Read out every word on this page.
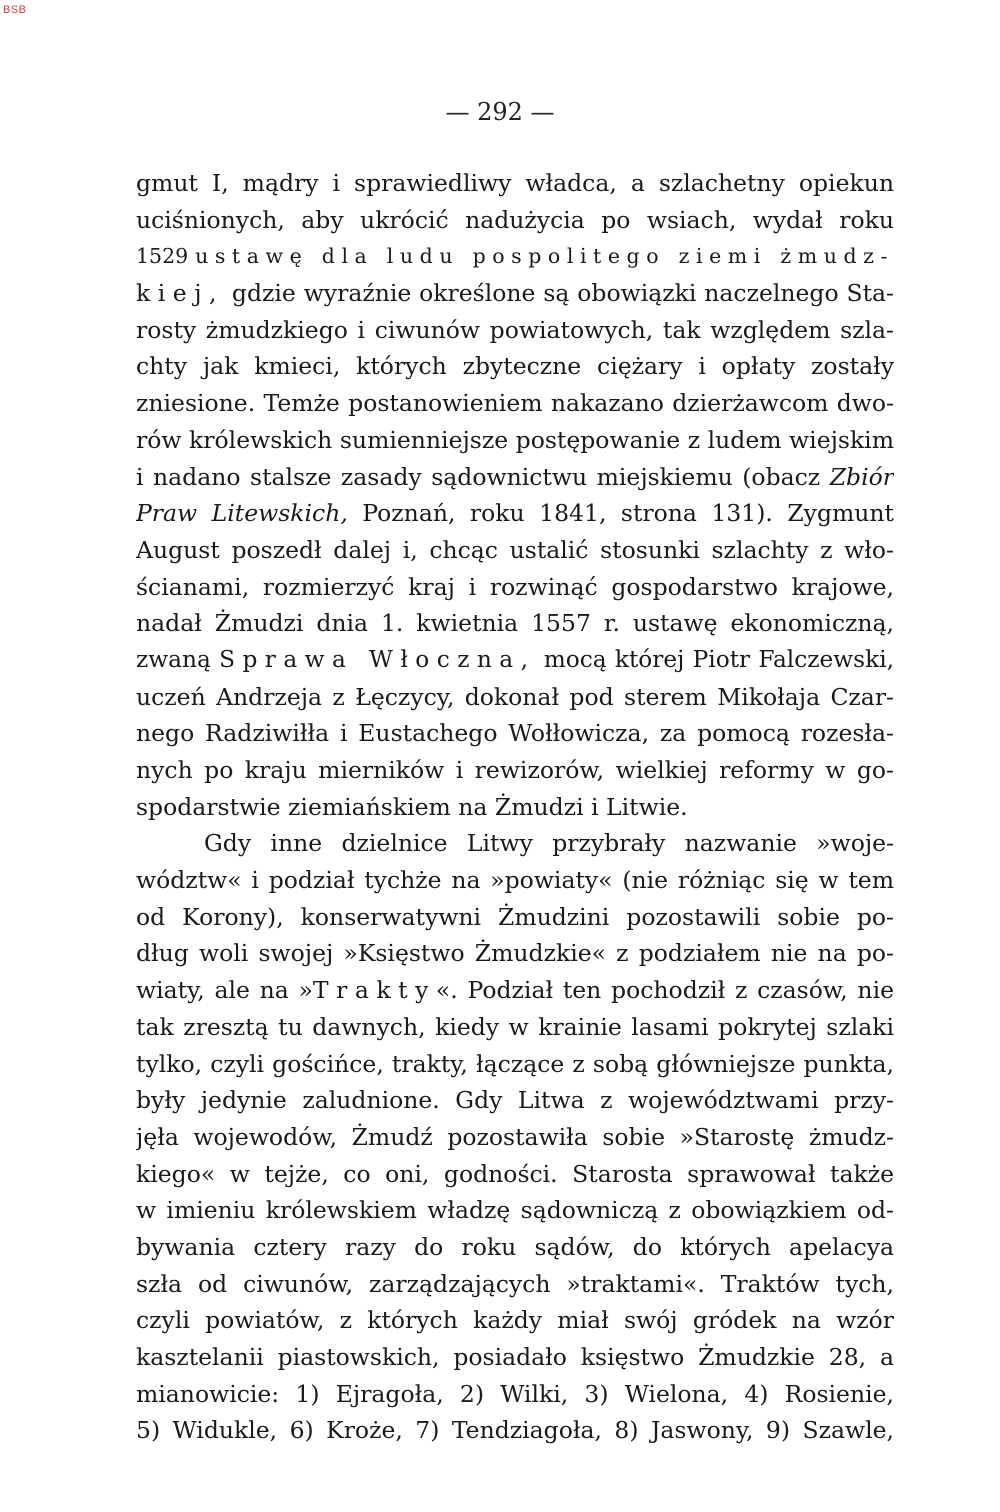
BSB
— 292 —
gmut I, mądry i sprawiedliwy władca, a szlachetny opiekun
uciśnionych, aby ukrócić nadużycia po wsiach, wydał roku
1529 ustawę dla ludu pospolitego ziemi żmudz-
kiej, gdzie wyraźnie określone są obowiązki naczelnego Sta-
rosty żmudzkiego i ciwunów powiatowych, tak względem szla-
chty jak kmieci, których zbyteczne ciężary i opłaty zostały
zniesione. Temże postanowieniem nakazano dzierżawcom dwo-
rów królewskich sumienniejsze postępowanie z ludem wiejskim
i nadano stalsze zasady sądownictwu miejskiemu (obacz Zbiór
Praw Litewskich, Poznań, roku 1841, strona 131). Zygmunt
August poszedł dalej i, chcąc ustalić stosunki szlachty z wło-
ścianami, rozmierzyć kraj i rozwinąć gospodarstwo krajowe,
nadał Żmudzi dnia 1. kwietnia 1557 r. ustawę ekonomiczną,
zwaną Sprawa Włoczna, mocą której Piotr Falczewski,
uczeń Andrzeja z Łęczycy, dokonał pod sterem Mikołaja Czar-
nego Radziwiłła i Eustachego Wołłowicza, za pomocą rozesła-
nych po kraju mierników i rewizorów, wielkiej reformy w go-
spodarstwie ziemiańskiem na Żmudzi i Litwie.
Gdy inne dzielnice Litwy przybrały nazwanie »woje-
wództw« i podział tychże na »powiaty« (nie różniąc się w tem
od Korony), konserwatywni Żmudzini pozostawili sobie po-
dług woli swojej »Księstwo Żmudzkie« z podziałem nie na po-
wiaty, ale na »Trakty«. Podział ten pochodził z czasów, nie
tak zresztą tu dawnych, kiedy w krainie lasami pokrytej szlaki
tylko, czyli gościńce, trakty, łączące z sobą główniejsze punkta,
były jedynie zaludnione. Gdy Litwa z województwami przy-
jęła wojewodów, Żmudź pozostawiła sobie »Starostę żmudz-
kiego« w tejże, co oni, godności. Starosta sprawował także
w imieniu królewskiem władzę sądowniczą z obowiązkiem od-
bywania cztery razy do roku sądów, do których apelacya
szła od ciwunów, zarządzających »traktami«. Traktów tych,
czyli powiatów, z których każdy miał swój gródek na wzór
kasztelanii piastowskich, posiadało księstwo Żmudzkie 28, a
mianowicie: 1) Ejragoła, 2) Wilki, 3) Wielona, 4) Rosienie,
5) Widukle, 6) Kroże, 7) Tendziagoła, 8) Jaswony, 9) Szawle,
